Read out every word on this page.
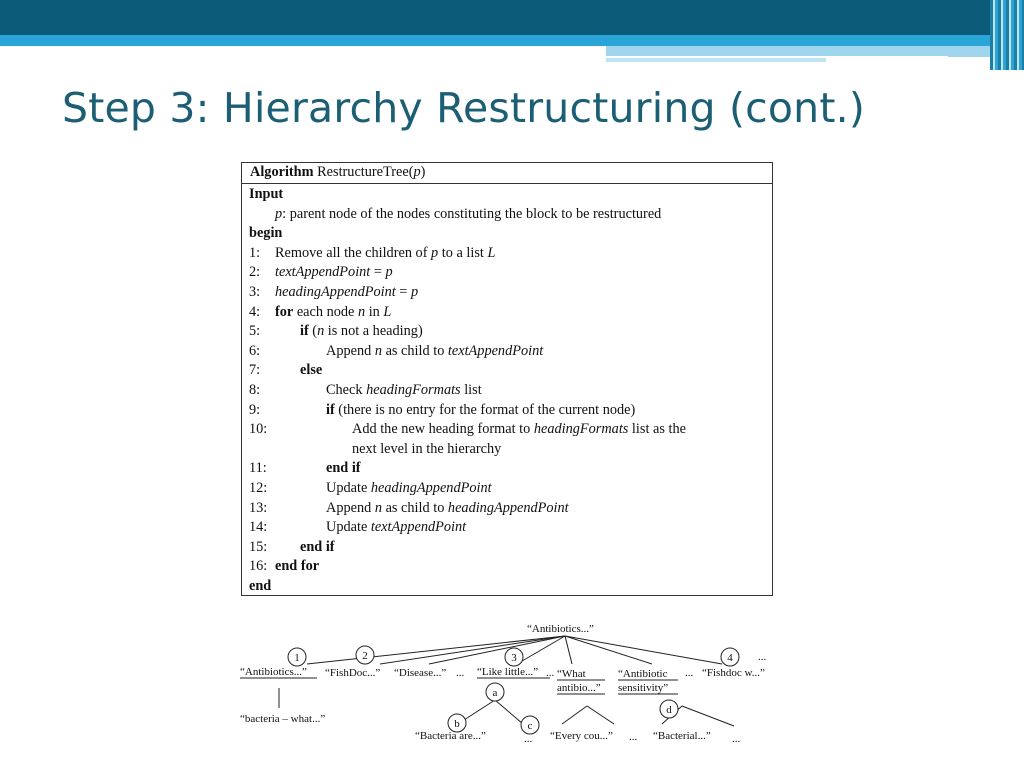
Step 3: Hierarchy Restructuring (cont.)
Algorithm RestructureTree(p)
Input
p: parent node of the nodes constituting the block to be restructured
begin
1: Remove all the children of p to a list L
2: textAppendPoint = p
3: headingAppendPoint = p
4: for each node n in L
5:	if (n is not a heading)
6:	Append n as child to textAppendPoint
7:	else
8:	Check headingFormats list
9:	if (there is no entry for the format of the current node)
10:	Add the new heading format to headingFormats list as the
next level in the hierarchy
11:	end if
12:	Update headingAppendPoint
13:	Append n as child to headingAppendPoint
14:	Update textAppendPoint
15: end if
16: end for
end
1	2	3	4
a
b	c
d
“Antibiotics...”
“Antibiotics...” “FishDoc...” “Disease...” ... “Like little...” ... “What
antibio...”
“Antibiotic
sensitivity”
... “Fishdoc w...”
...
“bacteria – what...”
“Bacteria are...”	... “Every cou...” ... “Bacterial...” ...
